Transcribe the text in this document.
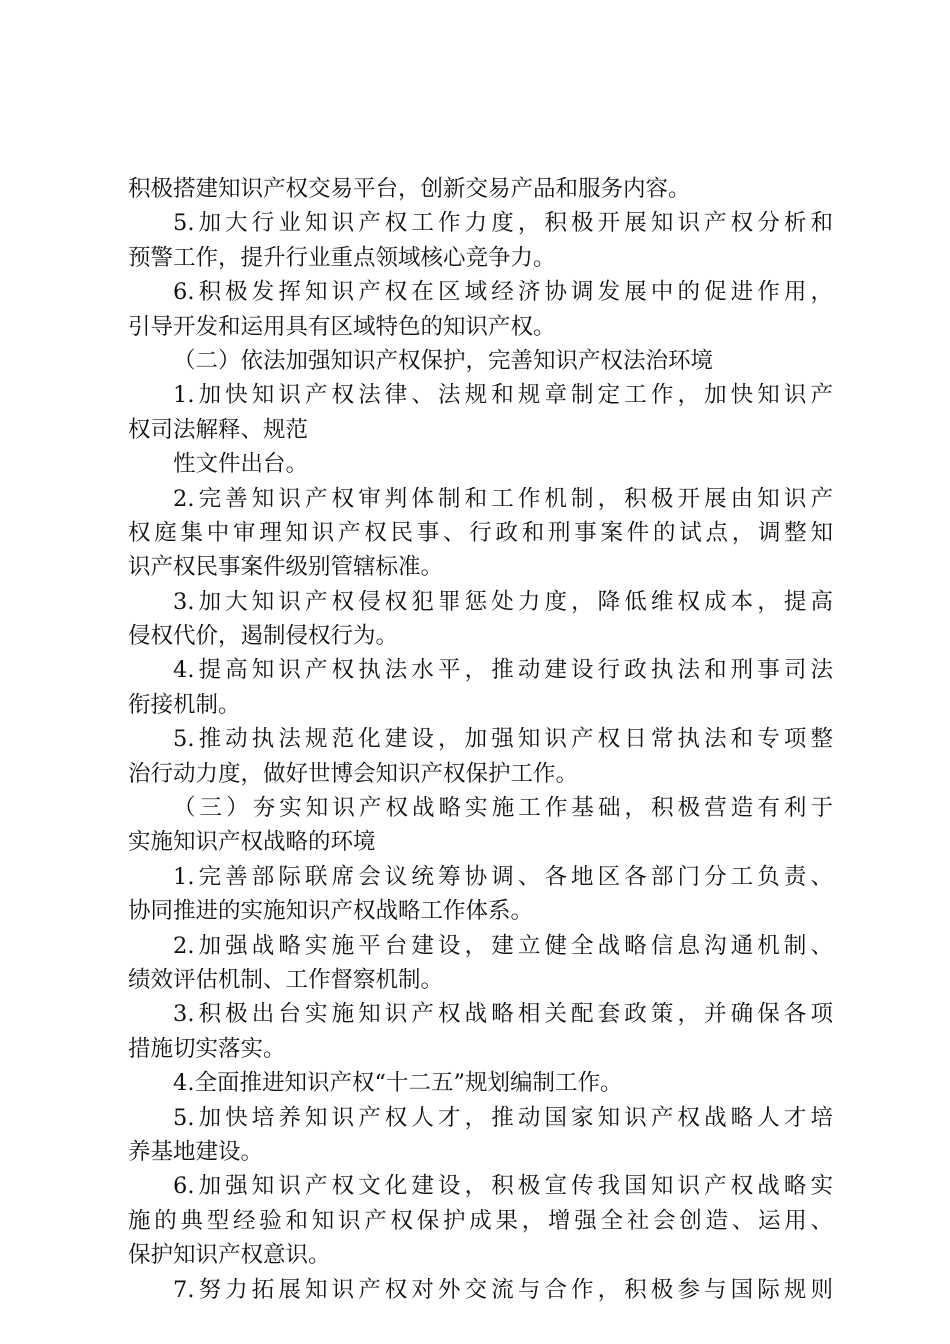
积极搭建知识产权交易平台，创新交易产品和服务内容。
5.加大行业知识产权工作力度，积极开展知识产权分析和
预警工作，提升行业重点领域核心竞争力。
6.积极发挥知识产权在区域经济协调发展中的促进作用，
引导开发和运用具有区域特色的知识产权。
（二）依法加强知识产权保护，完善知识产权法治环境
1.加快知识产权法律、法规和规章制定工作，加快知识产
权司法解释、规范
性文件出台。
2.完善知识产权审判体制和工作机制，积极开展由知识产
权庭集中审理知识产权民事、行政和刑事案件的试点，调整知
识产权民事案件级别管辖标准。
3.加大知识产权侵权犯罪惩处力度，降低维权成本，提高
侵权代价，遏制侵权行为。
4.提高知识产权执法水平，推动建设行政执法和刑事司法
衔接机制。
5.推动执法规范化建设，加强知识产权日常执法和专项整
治行动力度，做好世博会知识产权保护工作。
（三）夯实知识产权战略实施工作基础，积极营造有利于
实施知识产权战略的环境
1.完善部际联席会议统筹协调、各地区各部门分工负责、
协同推进的实施知识产权战略工作体系。
2.加强战略实施平台建设，建立健全战略信息沟通机制、
绩效评估机制、工作督察机制。
3.积极出台实施知识产权战略相关配套政策，并确保各项
措施切实落实。
4.全面推进知识产权“十二五”规划编制工作。
5.加快培养知识产权人才，推动国家知识产权战略人才培
养基地建设。
6.加强知识产权文化建设，积极宣传我国知识产权战略实
施的典型经验和知识产权保护成果，增强全社会创造、运用、
保护知识产权意识。
7.努力拓展知识产权对外交流与合作，积极参与国际规则
